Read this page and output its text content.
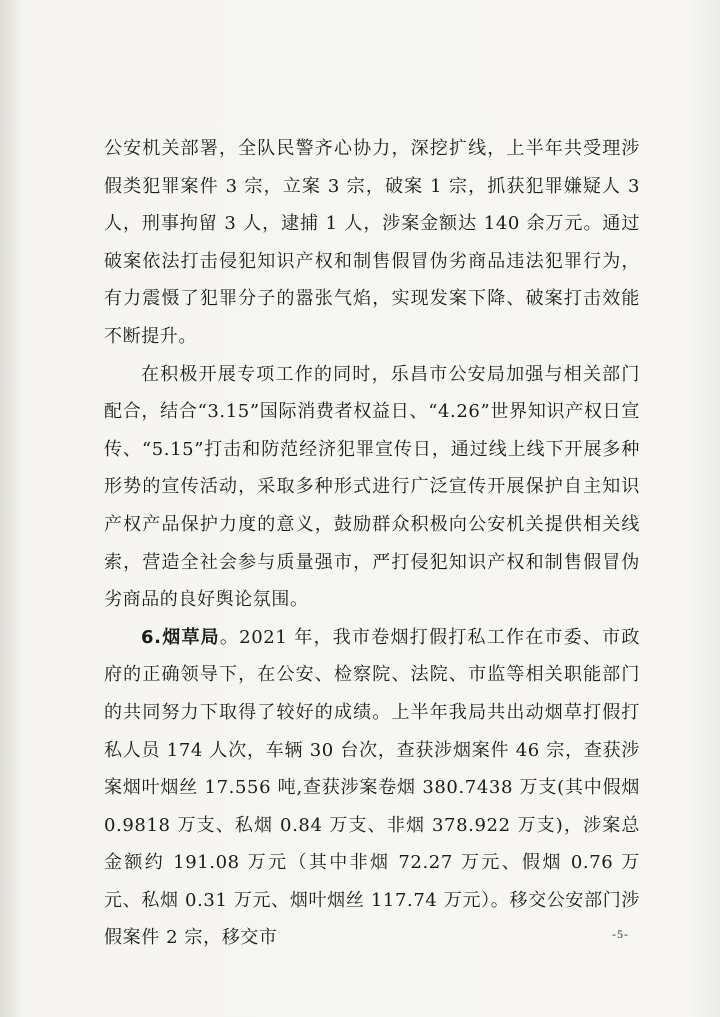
公安机关部署，全队民警齐心协力，深挖扩线，上半年共受理涉假类犯罪案件 3 宗，立案 3 宗，破案 1 宗，抓获犯罪嫌疑人 3 人，刑事拘留 3 人，逮捕 1 人，涉案金额达 140 余万元。通过破案依法打击侵犯知识产权和制售假冒伪劣商品违法犯罪行为，有力震慑了犯罪分子的嚣张气焰，实现发案下降、破案打击效能不断提升。

在积极开展专项工作的同时，乐昌市公安局加强与相关部门配合，结合“3.15”国际消费者权益日、“4.26”世界知识产权日宣传、“5.15”打击和防范经济犯罪宣传日，通过线上线下开展多种形势的宣传活动，采取多种形式进行广泛宣传开展保护自主知识产权产品保护力度的意义，鼓励群众积极向公安机关提供相关线索，营造全社会参与质量强市，严打侵犯知识产权和制售假冒伪劣商品的良好舆论氛围。

6.烟草局。2021 年，我市卷烟打假打私工作在市委、市政府的正确领导下，在公安、检察院、法院、市监等相关职能部门的共同努力下取得了较好的成绩。上半年我局共出动烟草打假打私人员 174 人次，车辆 30 台次，查获涉烟案件 46 宗，查获涉案烟叶烟丝 17.556 吨,查获涉案卷烟 380.7438 万支(其中假烟 0.9818 万支、私烟 0.84 万支、非烟 378.922 万支)，涉案总金额约 191.08 万元（其中非烟 72.27 万元、假烟 0.76 万元、私烟 0.31 万元、烟叶烟丝 117.74 万元）。移交公安部门涉假案件 2 宗，移交市	-5-
